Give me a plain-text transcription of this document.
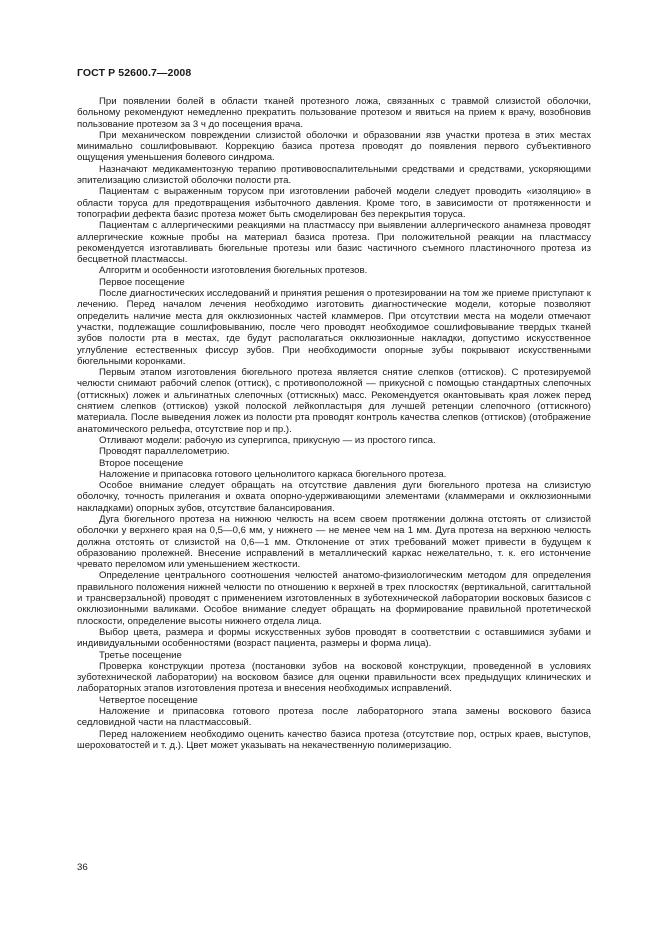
ГОСТ Р 52600.7—2008

При появлении болей в области тканей протезного ложа, связанных с травмой слизистой оболочки, больному рекомендуют немедленно прекратить пользование протезом и явиться на прием к врачу, возобновив пользование протезом за 3 ч до посещения врача.

При механическом повреждении слизистой оболочки и образовании язв участки протеза в этих местах минимально сошлифовывают. Коррекцию базиса протеза проводят до появления первого субъективного ощущения уменьшения болевого синдрома.

Назначают медикаментозную терапию противовоспалительными средствами и средствами, ускоряющими эпителизацию слизистой оболочки полости рта.

Пациентам с выраженным торусом при изготовлении рабочей модели следует проводить «изоляцию» в области торуса для предотвращения избыточного давления. Кроме того, в зависимости от протяженности и топографии дефекта базис протеза может быть смоделирован без перекрытия торуса.

Пациентам с аллергическими реакциями на пластмассу при выявлении аллергического анамнеза проводят аллергические кожные пробы на материал базиса протеза. При положительной реакции на пластмассу рекомендуется изготавливать бюгельные протезы или базис частичного съемного пластиночного протеза из бесцветной пластмассы.

Алгоритм и особенности изготовления бюгельных протезов.

Первое посещение

После диагностических исследований и принятия решения о протезировании на том же приеме приступают к лечению. Перед началом лечения необходимо изготовить диагностические модели, которые позволяют определить наличие места для окклюзионных частей кламмеров. При отсутствии места на модели отмечают участки, подлежащие сошлифовыванию, после чего проводят необходимое сошлифовывание твердых тканей зубов полости рта в местах, где будут располагаться окклюзионные накладки, допустимо искусственное углубление естественных фиссур зубов. При необходимости опорные зубы покрывают искусственными бюгельными коронками.

Первым этапом изготовления бюгельного протеза является снятие слепков (оттисков). С протезируемой челюсти снимают рабочий слепок (оттиск), с противоположной — прикусной с помощью стандартных слепочных (оттискных) ложек и альгинатных слепочных (оттискных) масс. Рекомендуется окантовывать края ложек перед снятием слепков (оттисков) узкой полоской лейкопластыря для лучшей ретенции слепочного (оттискного) материала. После выведения ложек из полости рта проводят контроль качества слепков (оттисков) (отображение анатомического рельефа, отсутствие пор и пр.).

Отливают модели: рабочую из супергипса, прикусную — из простого гипса.

Проводят параллелометрию.

Второе посещение

Наложение и припасовка готового цельнолитого каркаса бюгельного протеза.

Особое внимание следует обращать на отсутствие давления дуги бюгельного протеза на слизистую оболочку, точность прилегания и охвата опорно-удерживающими элементами (кламмерами и окклюзионными накладками) опорных зубов, отсутствие балансирования.

Дуга бюгельного протеза на нижнюю челюсть на всем своем протяжении должна отстоять от слизистой оболочки у верхнего края на 0,5—0,6 мм, у нижнего — не менее чем на 1 мм. Дуга протеза на верхнюю челюсть должна отстоять от слизистой на 0,6—1 мм. Отклонение от этих требований может привести в будущем к образованию пролежней. Внесение исправлений в металлический каркас нежелательно, т. к. его истончение чревато переломом или уменьшением жесткости.

Определение центрального соотношения челюстей анатомо-физиологическим методом для определения правильного положения нижней челюсти по отношению к верхней в трех плоскостях (вертикальной, сагиттальной и трансверзальной) проводят с применением изготовленных в зуботехнической лаборатории восковых базисов с окклюзионными валиками. Особое внимание следует обращать на формирование правильной протетической плоскости, определение высоты нижнего отдела лица.

Выбор цвета, размера и формы искусственных зубов проводят в соответствии с оставшимися зубами и индивидуальными особенностями (возраст пациента, размеры и форма лица).

Третье посещение

Проверка конструкции протеза (постановки зубов на восковой конструкции, проведенной в условиях зуботехнической лаборатории) на восковом базисе для оценки правильности всех предыдущих клинических и лабораторных этапов изготовления протеза и внесения необходимых исправлений.

Четвертое посещение

Наложение и припасовка готового протеза после лабораторного этапа замены воскового базиса седловидной части на пластмассовый.

Перед наложением необходимо оценить качество базиса протеза (отсутствие пор, острых краев, выступов, шероховатостей и т. д.). Цвет может указывать на некачественную полимеризацию.

36
